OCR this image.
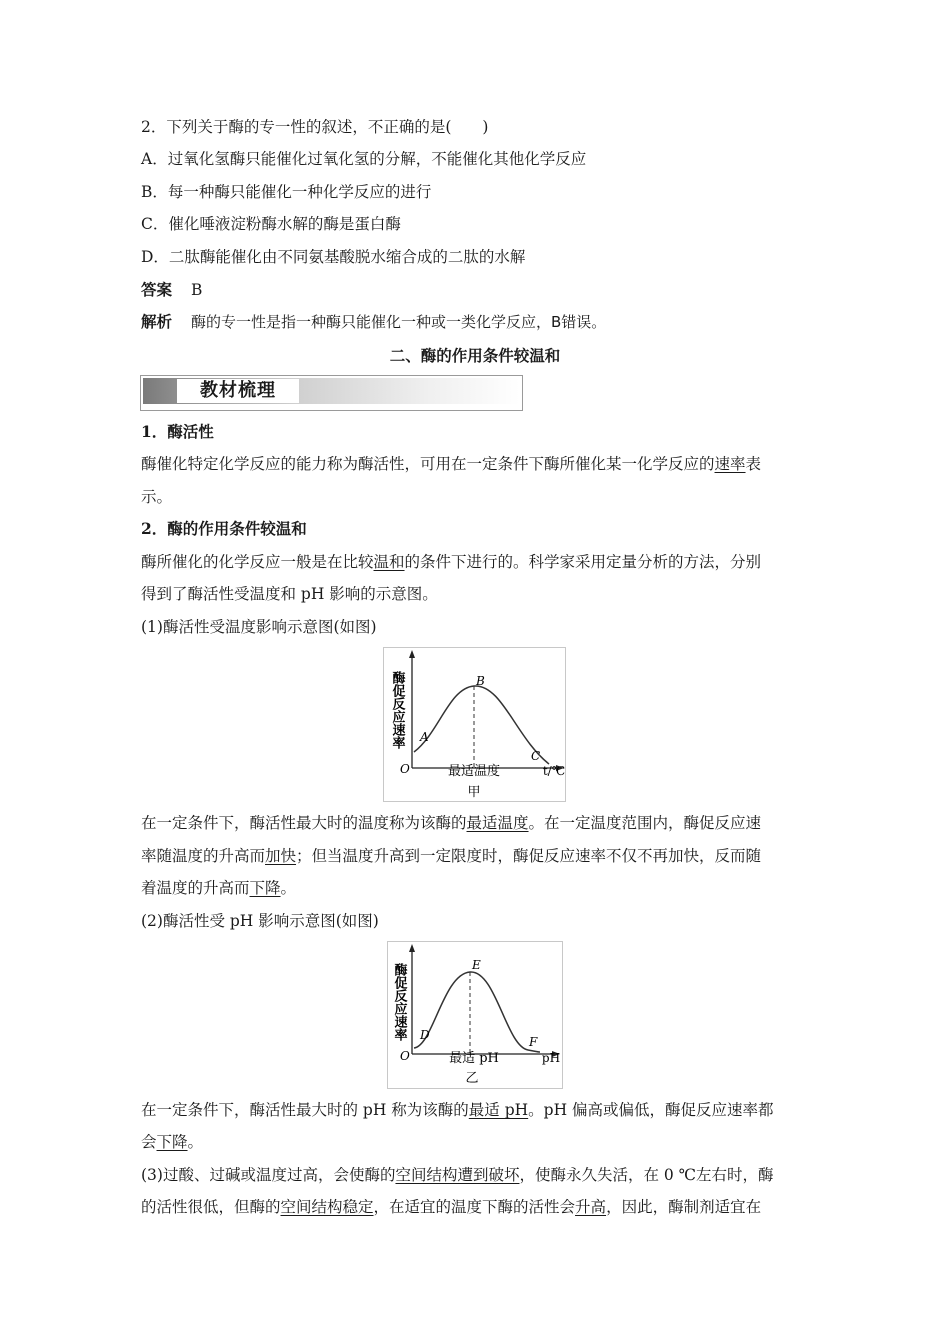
2．下列关于酶的专一性的叙述，不正确的是(　　)
A．过氧化氢酶只能催化过氧化氢的分解，不能催化其他化学反应
B．每一种酶只能催化一种化学反应的进行
C．催化唾液淀粉酶水解的酶是蛋白酶
D．二肽酶能催化由不同氨基酸脱水缩合成的二肽的水解
答案 B
解析 酶的专一性是指一种酶只能催化一种或一类化学反应，B错误。
二、酶的作用条件较温和
教材梳理
1．酶活性
酶催化特定化学反应的能力称为酶活性，可用在一定条件下酶所催化某一化学反应的速率表
示。
2．酶的作用条件较温和
酶所催化的化学反应一般是在比较温和的条件下进行的。科学家采用定量分析的方法，分别
得到了酶活性受温度和 pH 影响的示意图。
(1)酶活性受温度影响示意图(如图)
酶促反应速率 A
B
C
O	最适温度	t/℃
甲
在一定条件下，酶活性最大时的温度称为该酶的最适温度。在一定温度范围内，酶促反应速
率随温度的升高而加快；但当温度升高到一定限度时，酶促反应速率不仅不再加快，反而随
着温度的升高而下降。
(2)酶活性受 pH 影响示意图(如图)
酶促反应速率 D
E
F
O	最适 pH	pH
乙
在一定条件下，酶活性最大时的 pH 称为该酶的最适 pH。pH 偏高或偏低，酶促反应速率都
会下降。
(3)过酸、过碱或温度过高，会使酶的空间结构遭到破坏，使酶永久失活，在 0 ℃左右时，酶
的活性很低，但酶的空间结构稳定，在适宜的温度下酶的活性会升高，因此，酶制剂适宜在
